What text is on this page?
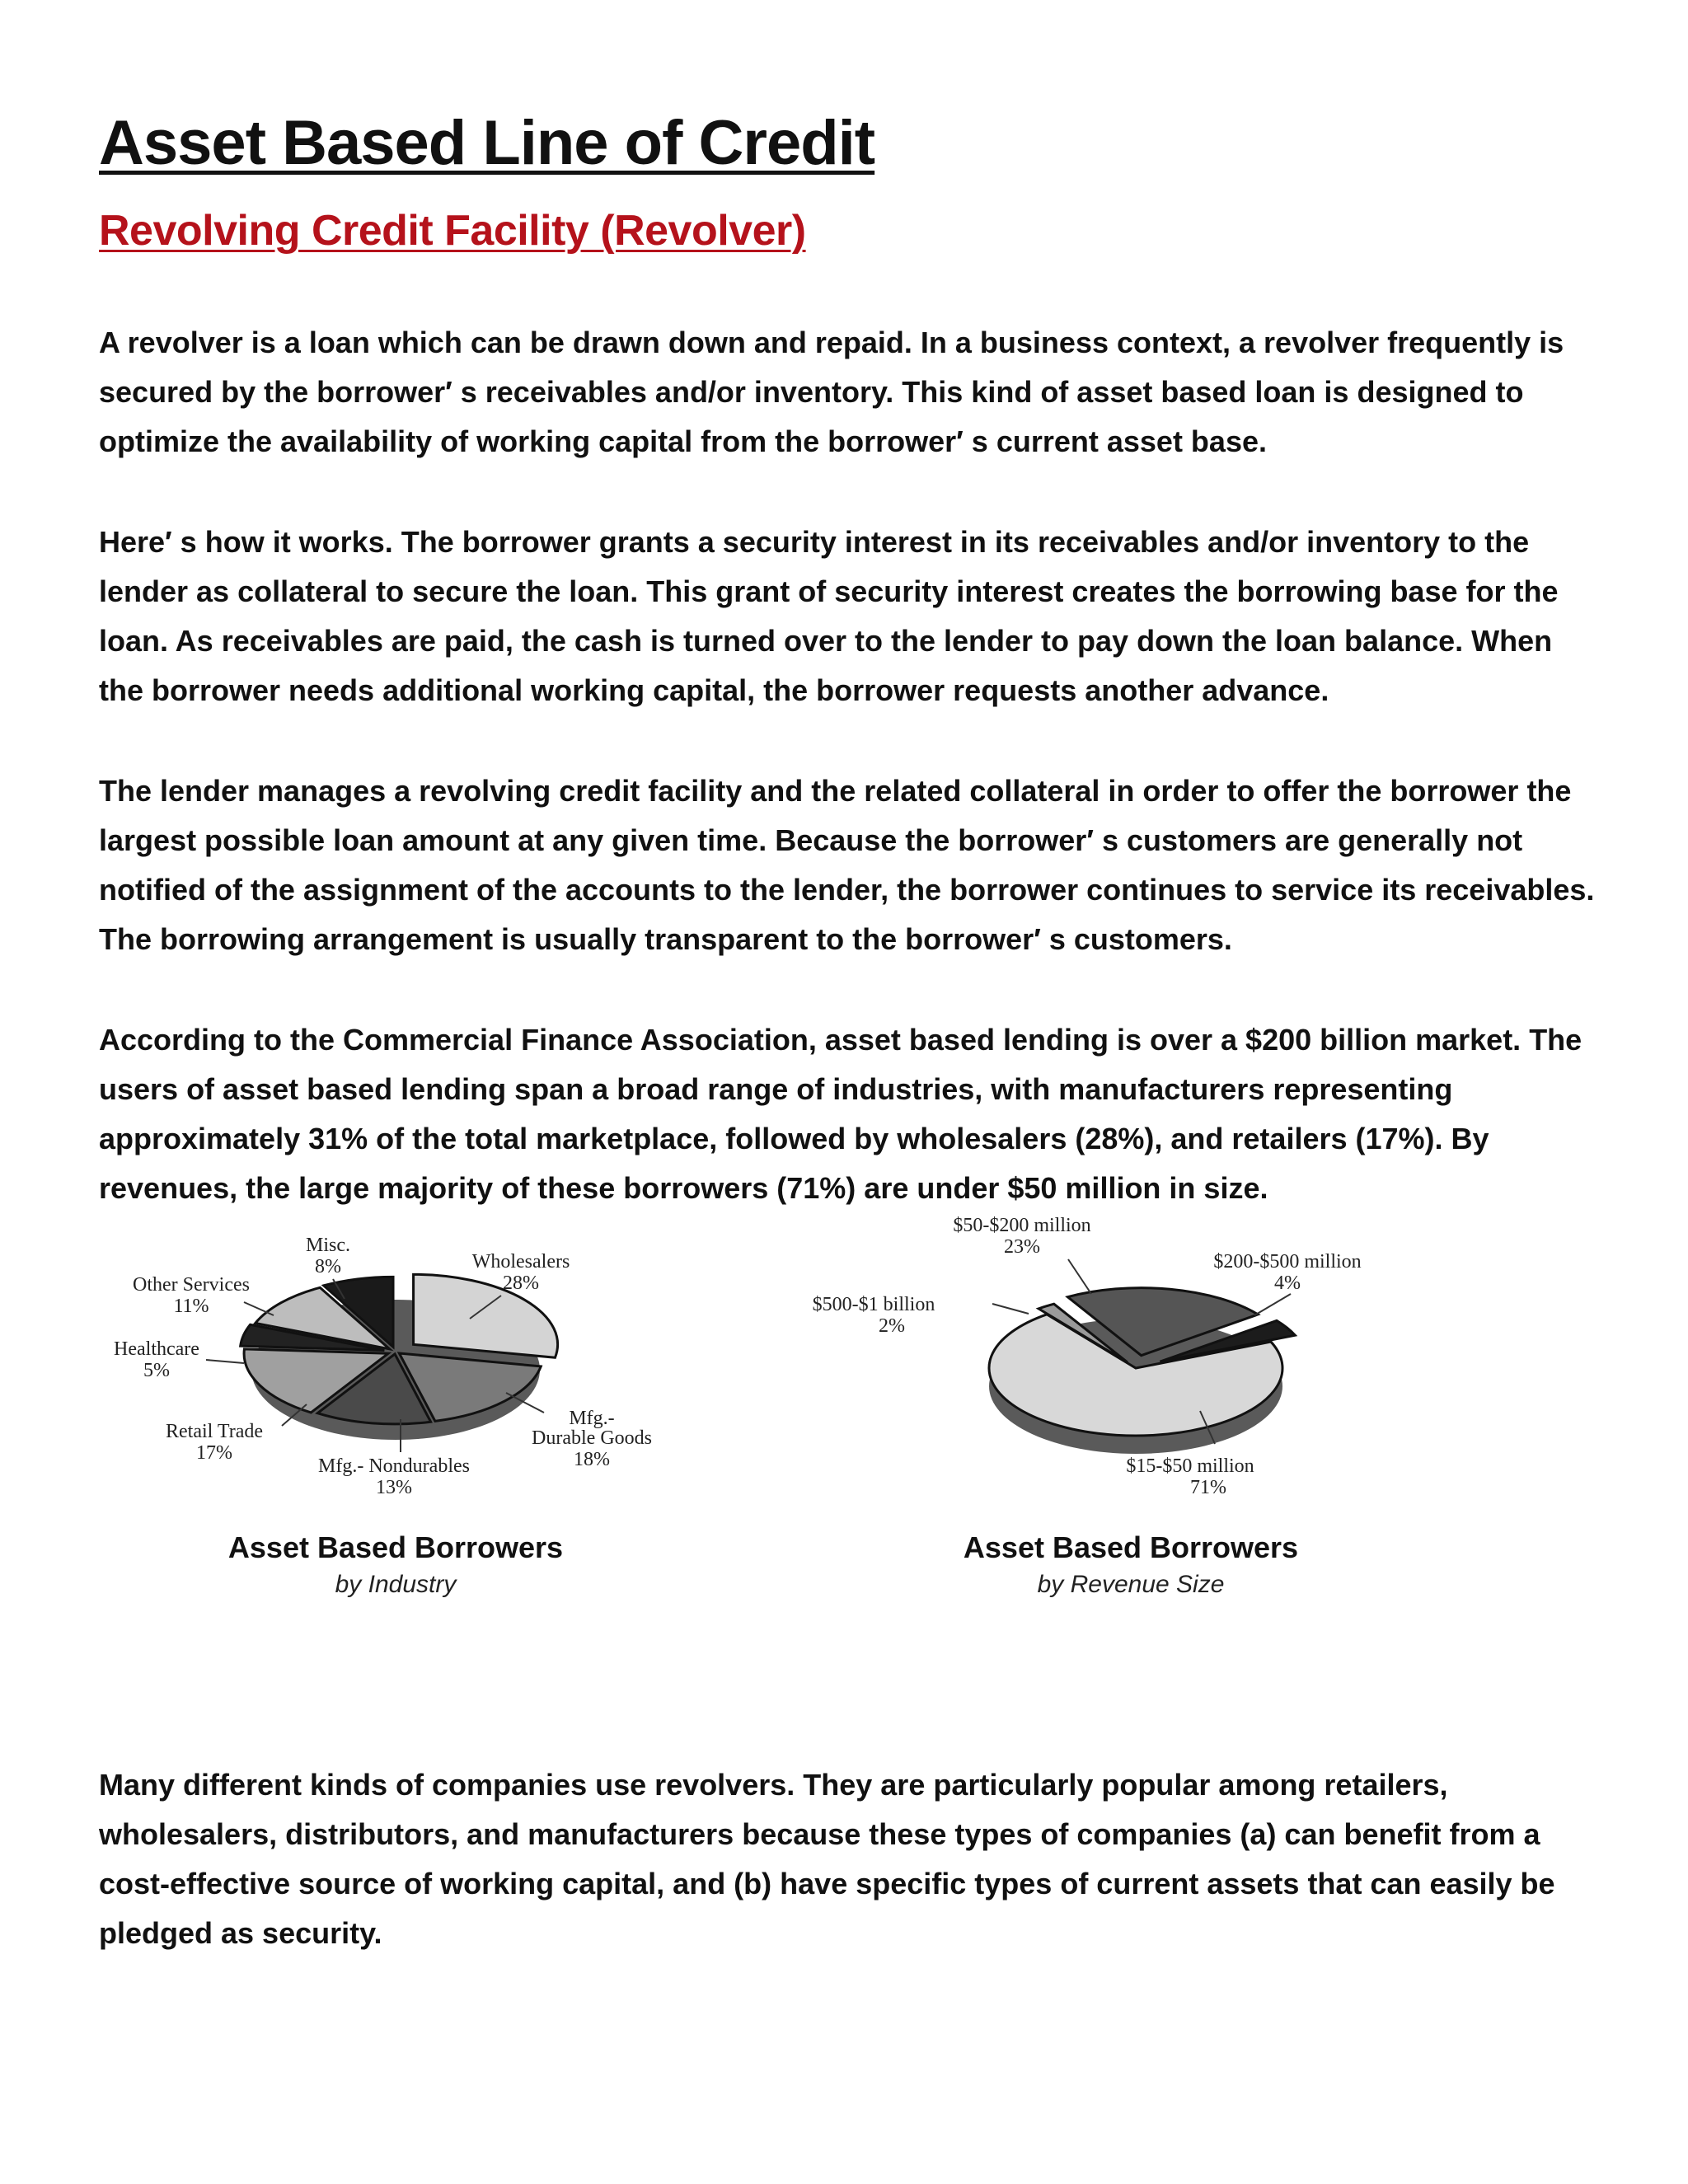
Asset Based Line of Credit
Revolving Credit Facility (Revolver)

A revolver is a loan which can be drawn down and repaid. In a business context, a revolver frequently is secured by the borrower′ s receivables and/or inventory. This kind of asset based loan is designed to optimize the availability of working capital from the borrower′ s current asset base.

Here′ s how it works. The borrower grants a security interest in its receivables and/or inventory to the lender as collateral to secure the loan. This grant of security interest creates the borrowing base for the loan. As receivables are paid, the cash is turned over to the lender to pay down the loan balance. When the borrower needs additional working capital, the borrower requests another advance.

The lender manages a revolving credit facility and the related collateral in order to offer the borrower the largest possible loan amount at any given time. Because the borrower′ s customers are generally not notified of the assignment of the accounts to the lender, the borrower continues to service its receivables. The borrowing arrangement is usually transparent to the borrower′ s customers.

According to the Commercial Finance Association, asset based lending is over a $200 billion market. The users of asset based lending span a broad range of industries, with manufacturers representing approximately 31% of the total marketplace, followed by wholesalers (28%), and retailers (17%). By revenues, the large majority of these borrowers (71%) are under $50 million in size.

Asset Based Borrowers
by Industry
Asset Based Borrowers
by Revenue Size
Wholesalers
28%
Mfg.-
Durable Goods
18%
Mfg.- Nondurables
13%
Retail Trade
17%
Healthcare
5%
Other Services
11%
Misc.
8%
$50-$200 million
23%
$200-$500 million
4%
$500-$1 billion
2%
$15-$50 million
71%

Many different kinds of companies use revolvers. They are particularly popular among retailers, wholesalers, distributors, and manufacturers because these types of companies (a) can benefit from a cost-effective source of working capital, and (b) have specific types of current assets that can easily be pledged as security.
